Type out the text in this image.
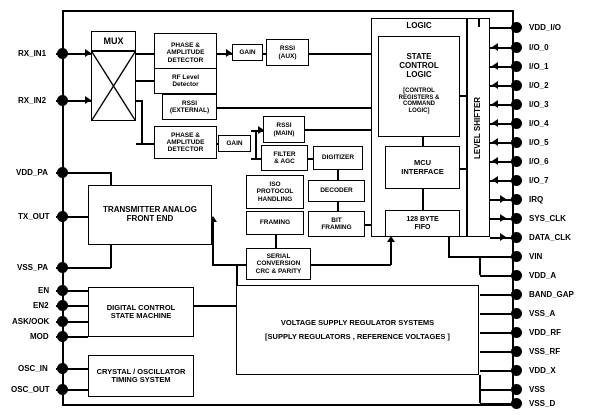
RX_IN1
RX_IN2
VDD_PA
TX_OUT
VSS_PA
EN
EN2
ASK/OOK
MOD
OSC_IN
OSC_OUT
VDD_I/O
I/O_0
I/O_1
I/O_2
I/O_3
I/O_4
I/O_5
I/O_6
I/O_7
IRQ
SYS_CLK
DATA_CLK
VIN
VDD_A
BAND_GAP
VSS_A
VDD_RF
VSS_RF
VDD_X
VSS
VSS_D
MUX	PHASE &
AMPLITUDE
DETECTOR
GAIN
RSSI
(AUX)
RF Level
Detector
RSSI
(EXTERNAL)
PHASE &
AMPLITUDE
DETECTOR
GAIN
RSSI
(MAIN)
FILTER
& AGC
DIGITIZER
DECODER
BIT
FRAMING
ISO
PROTOCOL
HANDLING
FRAMING
SERIAL
CONVERSION
CRC & PARITY
LOGIC
STATE
CONTROL
LOGIC
[CONTROL
REGISTERS &
COMMAND
LOGIC]
MCU
INTERFACE
128 BYTE
FIFO
LEVEL SHIFTER
TRANSMITTER ANALOG
FRONT END
DIGITAL CONTROL
STATE MACHINE
CRYSTAL / OSCILLATOR
TIMING SYSTEM
VOLTAGE SUPPLY REGULATOR SYSTEMS
[SUPPLY REGULATORS , REFERENCE VOLTAGES ]
